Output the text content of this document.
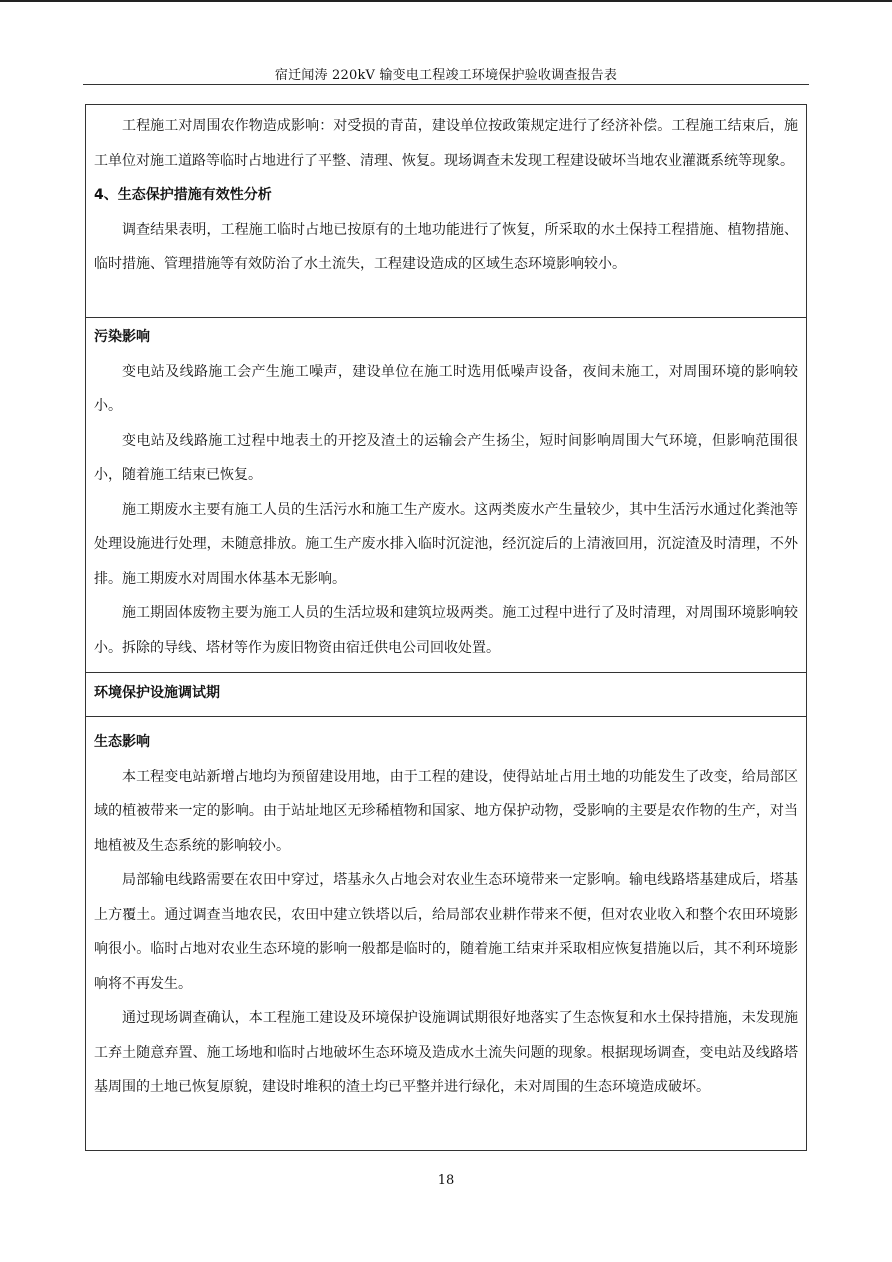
宿迁闻涛 220kV 输变电工程竣工环境保护验收调查报告表

工程施工对周围农作物造成影响：对受损的青苗，建设单位按政策规定进行了经济补偿。工程施工结束后，施工单位对施工道路等临时占地进行了平整、清理、恢复。现场调查未发现工程建设破坏当地农业灌溉系统等现象。

4、生态保护措施有效性分析

调查结果表明，工程施工临时占地已按原有的土地功能进行了恢复，所采取的水土保持工程措施、植物措施、临时措施、管理措施等有效防治了水土流失，工程建设造成的区域生态环境影响较小。

污染影响

变电站及线路施工会产生施工噪声，建设单位在施工时选用低噪声设备，夜间未施工，对周围环境的影响较小。

变电站及线路施工过程中地表土的开挖及渣土的运输会产生扬尘，短时间影响周围大气环境，但影响范围很小，随着施工结束已恢复。

施工期废水主要有施工人员的生活污水和施工生产废水。这两类废水产生量较少，其中生活污水通过化粪池等处理设施进行处理，未随意排放。施工生产废水排入临时沉淀池，经沉淀后的上清液回用，沉淀渣及时清理，不外排。施工期废水对周围水体基本无影响。

施工期固体废物主要为施工人员的生活垃圾和建筑垃圾两类。施工过程中进行了及时清理，对周围环境影响较小。拆除的导线、塔材等作为废旧物资由宿迁供电公司回收处置。

环境保护设施调试期

生态影响

本工程变电站新增占地均为预留建设用地，由于工程的建设，使得站址占用土地的功能发生了改变，给局部区域的植被带来一定的影响。由于站址地区无珍稀植物和国家、地方保护动物，受影响的主要是农作物的生产，对当地植被及生态系统的影响较小。

局部输电线路需要在农田中穿过，塔基永久占地会对农业生态环境带来一定影响。输电线路塔基建成后，塔基上方覆土。通过调查当地农民，农田中建立铁塔以后，给局部农业耕作带来不便，但对农业收入和整个农田环境影响很小。临时占地对农业生态环境的影响一般都是临时的，随着施工结束并采取相应恢复措施以后，其不利环境影响将不再发生。

通过现场调查确认，本工程施工建设及环境保护设施调试期很好地落实了生态恢复和水土保持措施，未发现施工弃土随意弃置、施工场地和临时占地破坏生态环境及造成水土流失问题的现象。根据现场调查，变电站及线路塔基周围的土地已恢复原貌，建设时堆积的渣土均已平整并进行绿化，未对周围的生态环境造成破坏。

18
